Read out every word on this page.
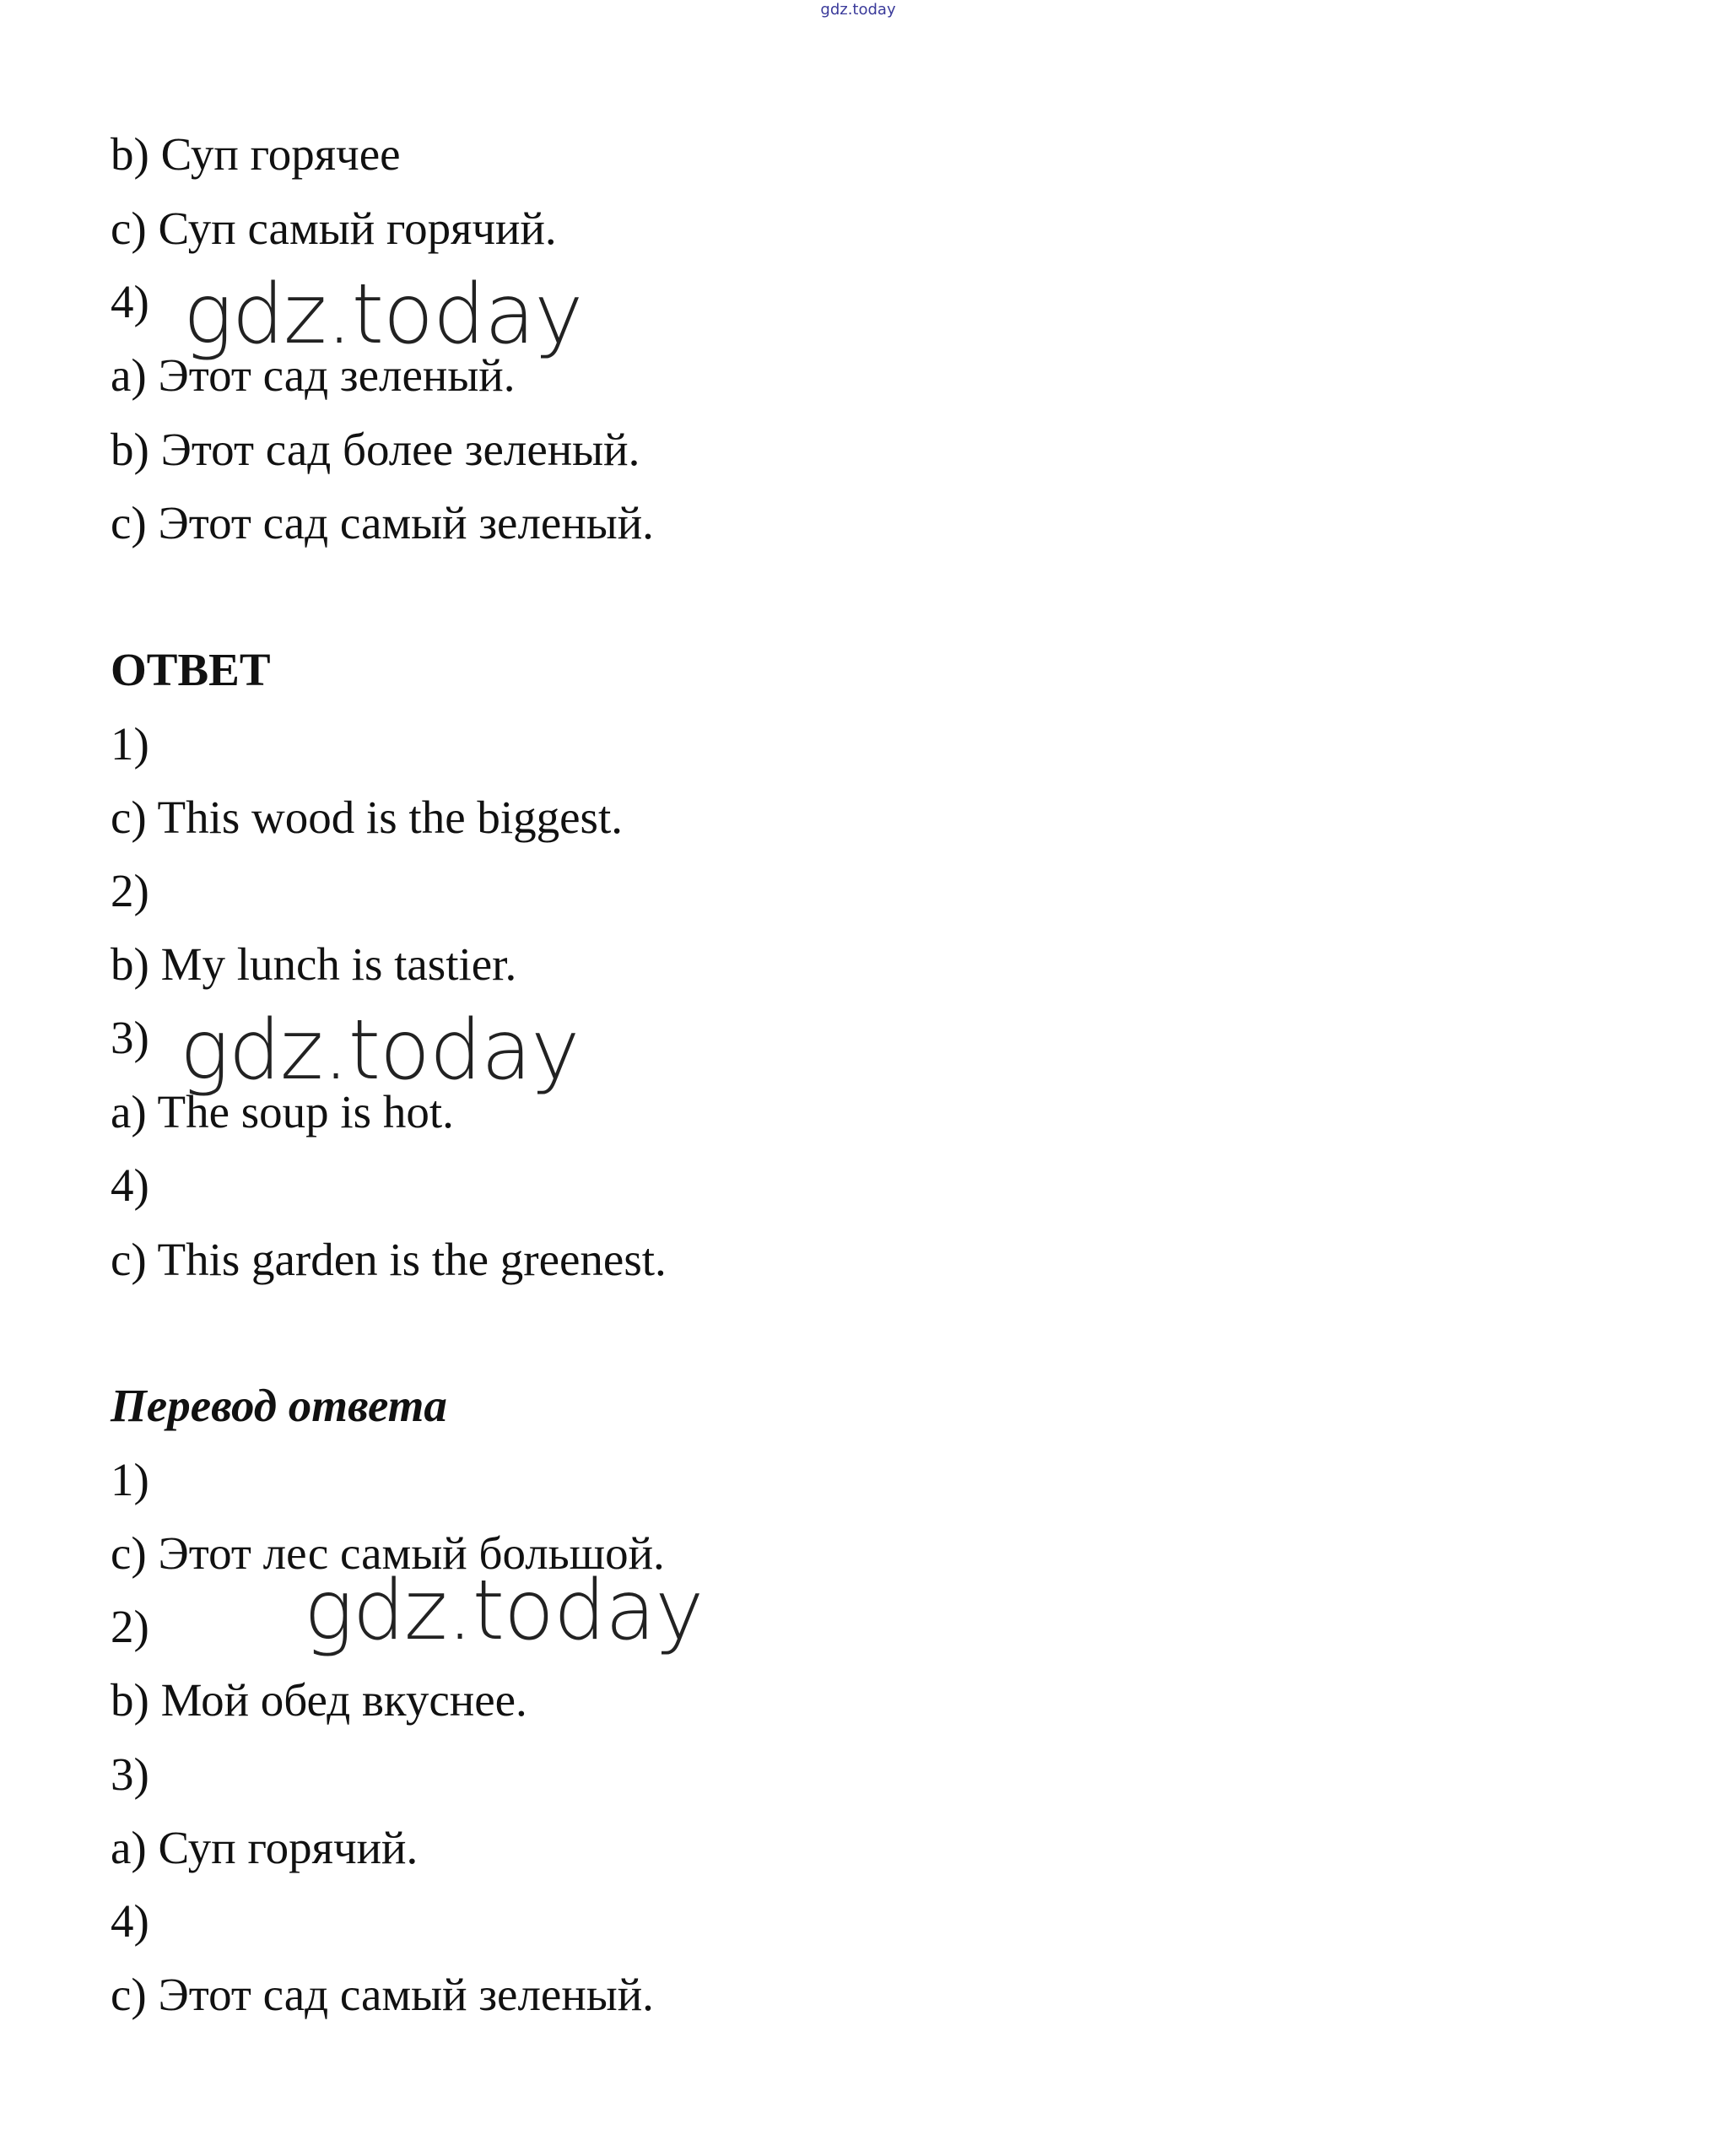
gdz.today
b) Суп горячее
c) Суп самый горячий.
4)
a) Этот сад зеленый.
b) Этот сад более зеленый.
c) Этот сад самый зеленый.
ОТВЕТ
1)
c) This wood is the biggest.
2)
b) My lunch is tastier.
3)
a) The soup is hot.
4)
c) This garden is the greenest.
Перевод ответа
1)
c) Этот лес самый большой.
2)
b) Мой обед вкуснее.
3)
a) Суп горячий.
4)
c) Этот сад самый зеленый.
gdz.today
gdz.today
gdz.today
